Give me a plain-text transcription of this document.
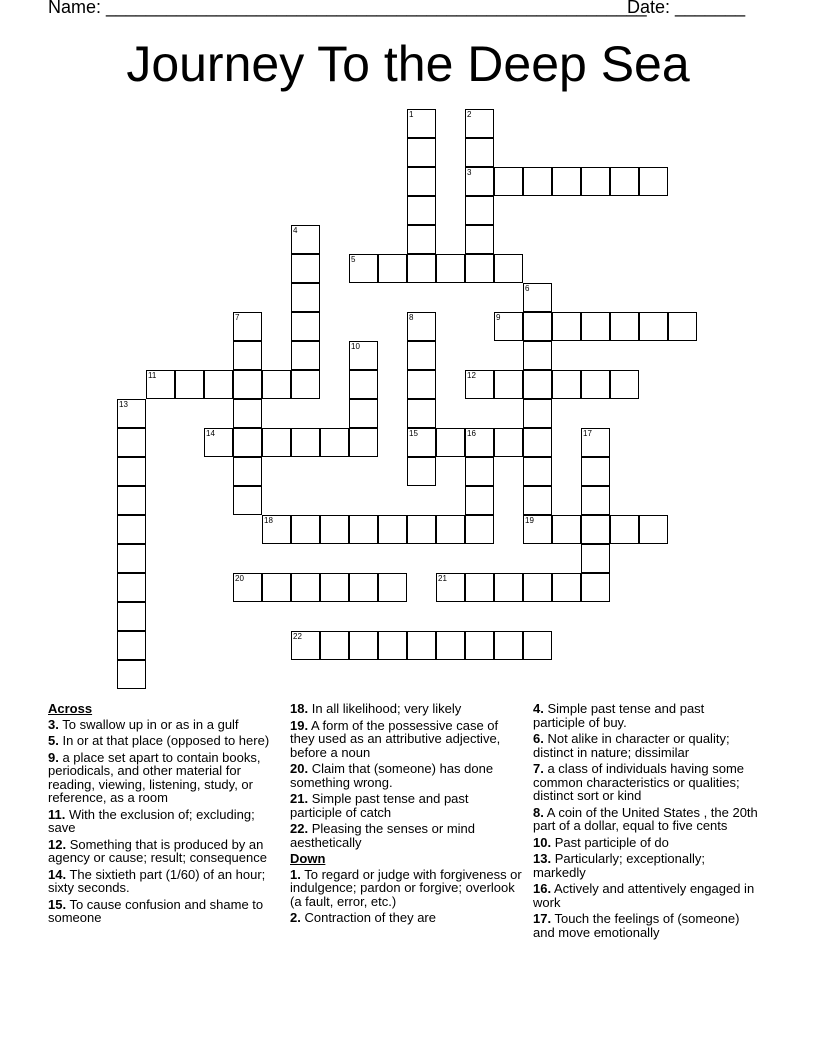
Name: ______________________________________________________
Date: _______
Journey To the Deep Sea
1	2
3
4
5
6
7	8
15
9
10
11	12
13
14	16	17
18	19
20	21
22
Across
3. To swallow up in or as in a gulf
5. In or at that place (opposed to here)
9. a place set apart to contain books, periodicals, and other material for reading, viewing, listening, study, or reference, as a room
11. With the exclusion of; excluding; save
12. Something that is produced by an agency or cause; result; consequence
14. The sixtieth part (1/60) of an hour; sixty seconds.
15. To cause confusion and shame to someone
18. In all likelihood; very likely
19. A form of the possessive case of they used as an attributive adjective, before a noun
20. Claim that (someone) has done something wrong.
21. Simple past tense and past participle of catch
22. Pleasing the senses or mind aesthetically
Down
1. To regard or judge with forgiveness or indulgence; pardon or forgive; overlook (a fault, error, etc.)
2. Contraction of they are
4. Simple past tense and past participle of buy.
6. Not alike in character or quality; distinct in nature; dissimilar
7. a class of individuals having some common characteristics or qualities; distinct sort or kind
8. A coin of the United States , the 20th part of a dollar, equal to five cents
10. Past participle of do
13. Particularly; exceptionally; markedly
16. Actively and attentively engaged in work
17. Touch the feelings of (someone) and move emotionally
